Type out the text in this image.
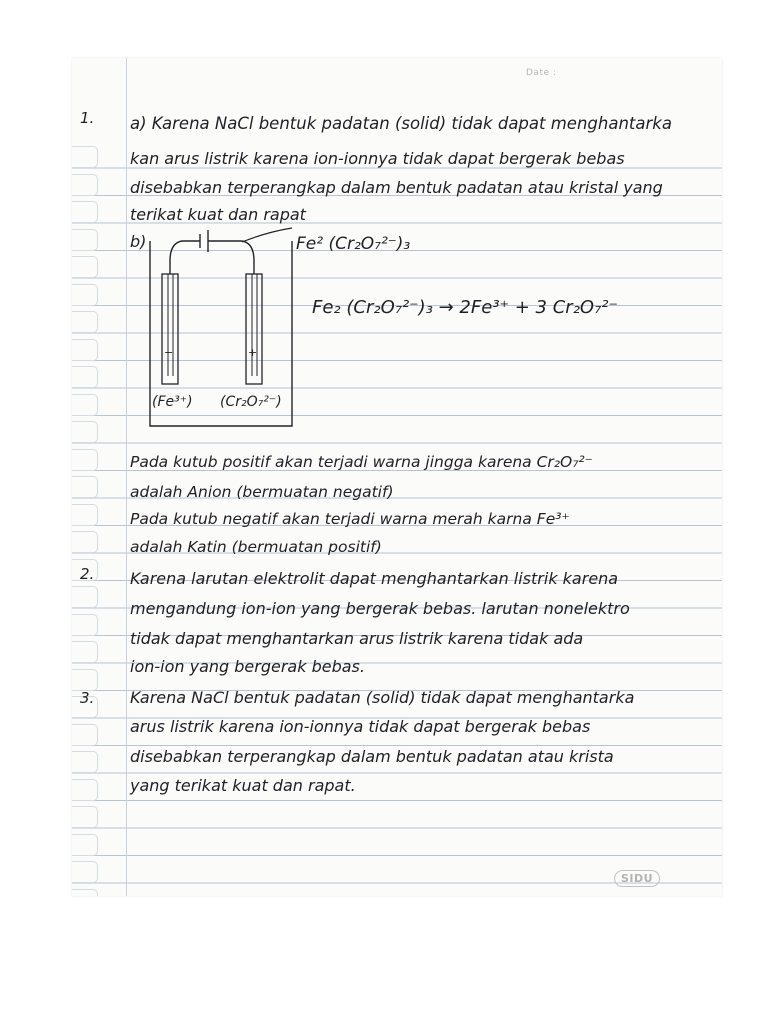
Date :
1. a) Karena NaCl bentuk padatan (solid) tidak dapat menghantarka
kan arus listrik karena ion-ionnya tidak dapat bergerak bebas
disebabkan terperangkap dalam bentuk padatan atau kristal yang
terikat kuat dan rapat
b)	Fe² (Cr₂O₇²⁻)₃
Fe₂ (Cr₂O₇²⁻)₃ → 2Fe³⁺ + 3 Cr₂O₇²⁻
−	+
(Fe³⁺) (Cr₂O₇²⁻)
Pada kutub positif akan terjadi warna jingga karena Cr₂O₇²⁻
adalah Anion (bermuatan negatif)
Pada kutub negatif akan terjadi warna merah karna Fe³⁺
adalah Katin (bermuatan positif)
2. Karena larutan elektrolit dapat menghantarkan listrik karena
mengandung ion-ion yang bergerak bebas. larutan nonelektro
tidak dapat menghantarkan arus listrik karena tidak ada
ion-ion yang bergerak bebas.
3. Karena NaCl bentuk padatan (solid) tidak dapat menghantarka
arus listrik karena ion-ionnya tidak dapat bergerak bebas
disebabkan terperangkap dalam bentuk padatan atau krista
yang terikat kuat dan rapat.
SIDU
